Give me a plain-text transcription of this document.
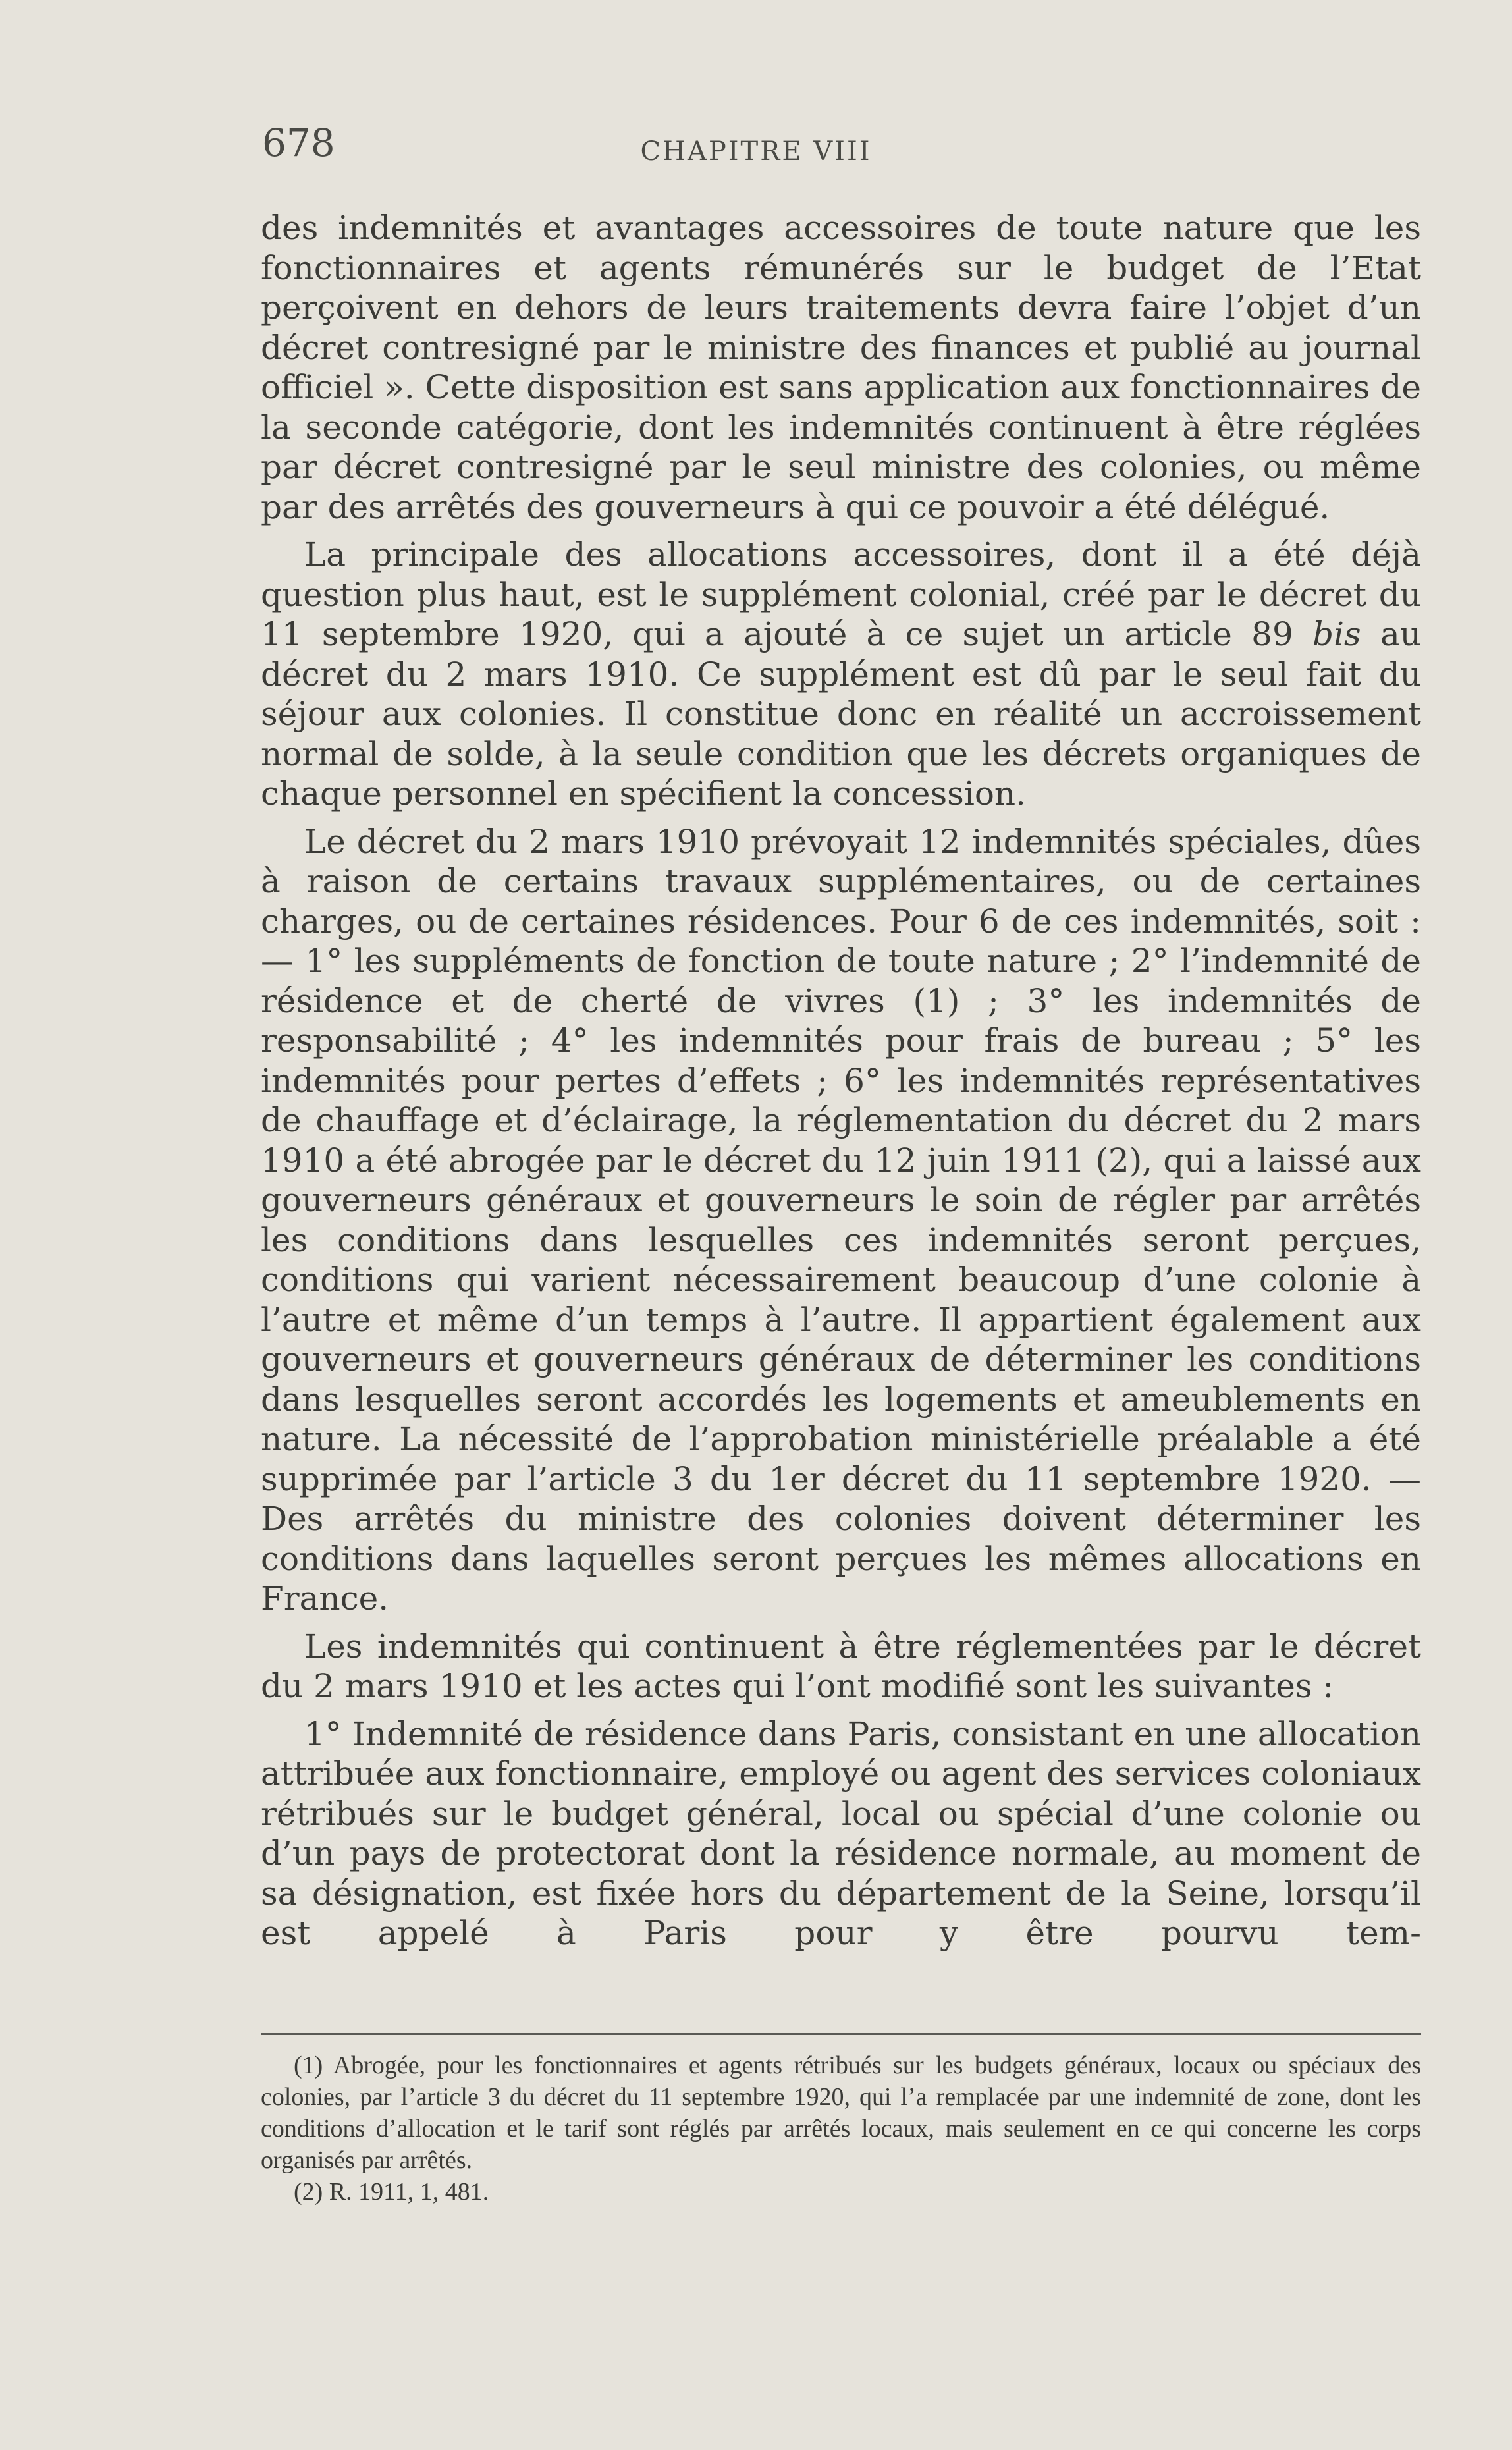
678	CHAPITRE VIII

des indemnités et avantages accessoires de toute nature que les fonctionnaires et agents rémunérés sur le budget de l’Etat perçoivent en dehors de leurs traitements devra faire l’objet d’un décret contresigné par le ministre des finances et publié au journal officiel ». Cette disposition est sans application aux fonctionnaires de la seconde catégorie, dont les indemnités continuent à être réglées par décret contresigné par le seul ministre des colonies, ou même par des arrêtés des gouverneurs à qui ce pouvoir a été délégué.

La principale des allocations accessoires, dont il a été déjà question plus haut, est le supplément colonial, créé par le décret du 11 septembre 1920, qui a ajouté à ce sujet un article 89 bis au décret du 2 mars 1910. Ce supplément est dû par le seul fait du séjour aux colonies. Il constitue donc en réalité un accroissement normal de solde, à la seule condition que les décrets organiques de chaque personnel en spécifient la concession.

Le décret du 2 mars 1910 prévoyait 12 indemnités spéciales, dûes à raison de certains travaux supplémentaires, ou de certaines charges, ou de certaines résidences. Pour 6 de ces indemnités, soit : — 1° les suppléments de fonction de toute nature ; 2° l’indemnité de résidence et de cherté de vivres (1) ; 3° les indemnités de responsabilité ; 4° les indemnités pour frais de bureau ; 5° les indemnités pour pertes d’effets ; 6° les indemnités représentatives de chauffage et d’éclairage, la réglementation du décret du 2 mars 1910 a été abrogée par le décret du 12 juin 1911 (2), qui a laissé aux gouverneurs généraux et gouverneurs le soin de régler par arrêtés les conditions dans lesquelles ces indemnités seront perçues, conditions qui varient nécessairement beaucoup d’une colonie à l’autre et même d’un temps à l’autre. Il appartient également aux gouverneurs et gouverneurs généraux de déterminer les conditions dans lesquelles seront accordés les logements et ameublements en nature. La nécessité de l’approbation ministérielle préalable a été supprimée par l’article 3 du 1er décret du 11 septembre 1920. — Des arrêtés du ministre des colonies doivent déterminer les conditions dans laquelles seront perçues les mêmes allocations en France.

Les indemnités qui continuent à être réglementées par le décret du 2 mars 1910 et les actes qui l’ont modifié sont les suivantes :

1° Indemnité de résidence dans Paris, consistant en une allocation attribuée aux fonctionnaire, employé ou agent des services coloniaux rétribués sur le budget général, local ou spécial d’une colonie ou d’un pays de protectorat dont la résidence normale, au moment de sa désignation, est fixée hors du département de la Seine, lorsqu’il est appelé à Paris pour y être pourvu tem-

(1) Abrogée, pour les fonctionnaires et agents rétribués sur les budgets généraux, locaux ou spéciaux des colonies, par l’article 3 du décret du 11 septembre 1920, qui l’a remplacée par une indemnité de zone, dont les conditions d’allocation et le tarif sont réglés par arrêtés locaux, mais seulement en ce qui concerne les corps organisés par arrêtés.

(2) R. 1911, 1, 481.
